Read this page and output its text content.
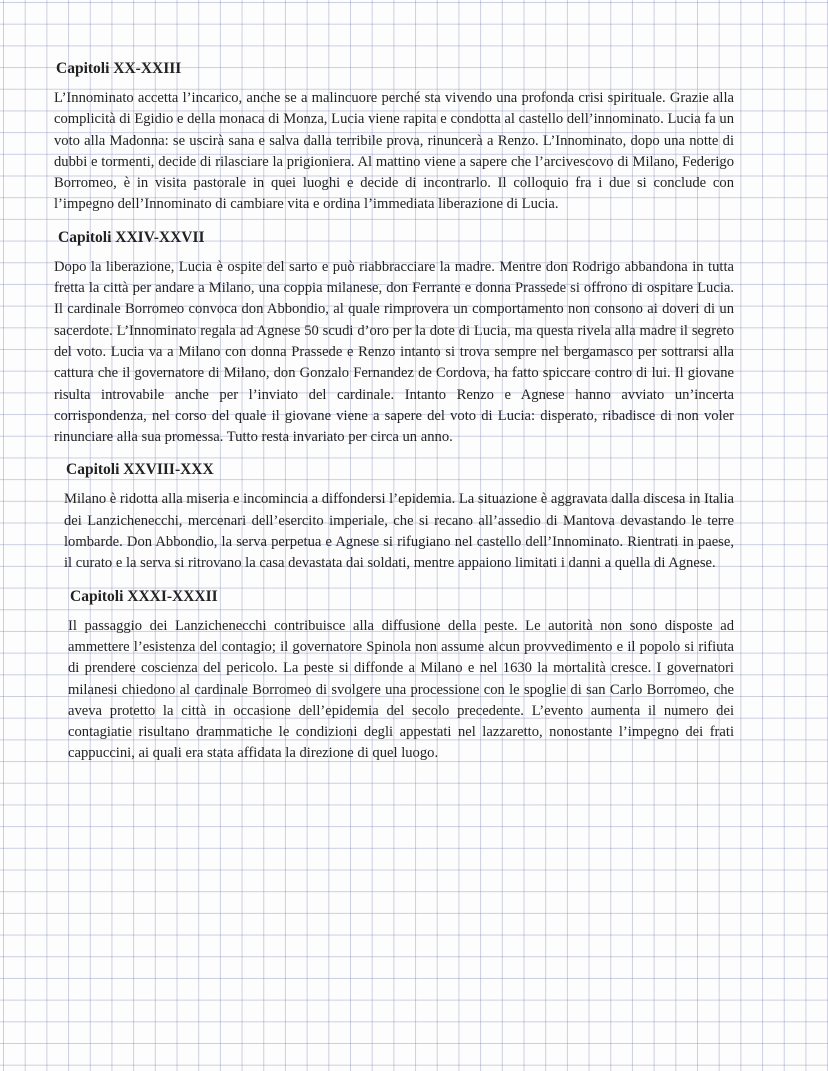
Capitoli XX-XXIII

L’Innominato accetta l’incarico, anche se a malincuore perché sta vivendo una profonda crisi spirituale. Grazie alla complicità di Egidio e della monaca di Monza, Lucia viene rapita e condotta al castello dell’innominato. Lucia fa un voto alla Madonna: se uscirà sana e salva dalla terribile prova, rinuncerà a Renzo. L’Innominato, dopo una notte di dubbi e tormenti, decide di rilasciare la prigioniera. Al mattino viene a sapere che l’arcivescovo di Milano, Federigo Borromeo, è in visita pastorale in quei luoghi e decide di incontrarlo. Il colloquio fra i due si conclude con l’impegno dell’Innominato di cambiare vita e ordina l’immediata liberazione di Lucia.

Capitoli XXIV-XXVII

Dopo la liberazione, Lucia è ospite del sarto e può riabbracciare la madre. Mentre don Rodrigo abbandona in tutta fretta la città per andare a Milano, una coppia milanese, don Ferrante e donna Prassede si offrono di ospitare Lucia. Il cardinale Borromeo convoca don Abbondio, al quale rimprovera un comportamento non consono ai doveri di un sacerdote. L’Innominato regala ad Agnese 50 scudi d’oro per la dote di Lucia, ma questa rivela alla madre il segreto del voto. Lucia va a Milano con donna Prassede e Renzo intanto si trova sempre nel bergamasco per sottrarsi alla cattura che il governatore di Milano, don Gonzalo Fernandez de Cordova, ha fatto spiccare contro di lui. Il giovane risulta introvabile anche per l’inviato del cardinale. Intanto Renzo e Agnese hanno avviato un’incerta corrispondenza, nel corso del quale il giovane viene a sapere del voto di Lucia: disperato, ribadisce di non voler rinunciare alla sua promessa. Tutto resta invariato per circa un anno.

Capitoli XXVIII-XXX

Milano è ridotta alla miseria e incomincia a diffondersi l’epidemia. La situazione è aggravata dalla discesa in Italia dei Lanzichenecchi, mercenari dell’esercito imperiale, che si recano all’assedio di Mantova devastando le terre lombarde. Don Abbondio, la serva perpetua e Agnese si rifugiano nel castello dell’Innominato. Rientrati in paese, il curato e la serva si ritrovano la casa devastata dai soldati, mentre appaiono limitati i danni a quella di Agnese.

Capitoli XXXI-XXXII

Il passaggio dei Lanzichenecchi contribuisce alla diffusione della peste. Le autorità non sono disposte ad ammettere l’esistenza del contagio; il governatore Spinola non assume alcun provvedimento e il popolo si rifiuta di prendere coscienza del pericolo. La peste si diffonde a Milano e nel 1630 la mortalità cresce. I governatori milanesi chiedono al cardinale Borromeo di svolgere una processione con le spoglie di san Carlo Borromeo, che aveva protetto la città in occasione dell’epidemia del secolo precedente. L’evento aumenta il numero dei contagiatie risultano drammatiche le condizioni degli appestati nel lazzaretto, nonostante l’impegno dei frati cappuccini, ai quali era stata affidata la direzione di quel luogo.
